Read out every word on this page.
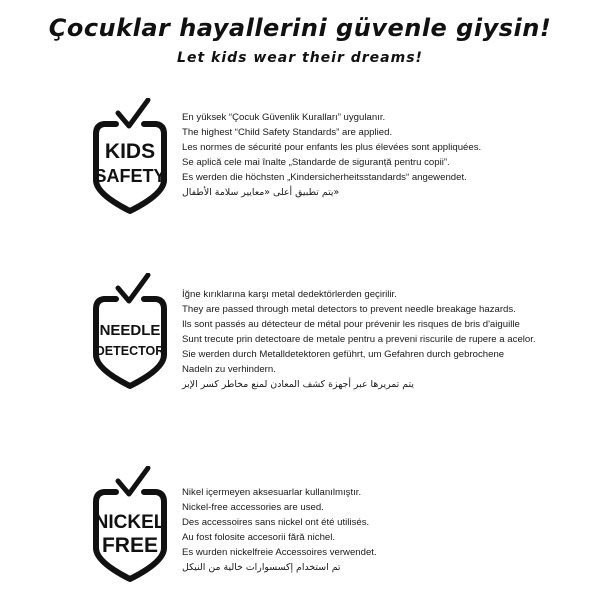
Çocuklar hayallerini güvenle giysin!
Let kids wear their dreams!
KIDS
SAFETY
En yüksek “Çocuk Güvenlik Kuralları” uygulanır.
The highest “Child Safety Standards” are applied.
Les normes de sécurité pour enfants les plus élevées sont appliquées.
Se aplică cele mai înalte „Standarde de siguranță pentru copii”.
Es werden die höchsten „Kindersicherheitsstandards“ angewendet.
«يتم تطبيق أعلى «معايير سلامة الأطفال
NEEDLE
DETECTOR
İğne kırıklarına karşı metal dedektörlerden geçirilir.
They are passed through metal detectors to prevent needle breakage hazards.
Ils sont passés au détecteur de métal pour prévenir les risques de bris d'aiguille
Sunt trecute prin detectoare de metale pentru a preveni riscurile de rupere a acelor.
Sie werden durch Metalldetektoren geführt, um Gefahren durch gebrochene Nadeln zu verhindern.
يتم تمريرها عبر أجهزة كشف المعادن لمنع مخاطر كسر الإبر
NICKEL
FREE
Nikel içermeyen aksesuarlar kullanılmıştır.
Nickel-free accessories are used.
Des accessoires sans nickel ont été utilisés.
Au fost folosite accesorii fără nichel.
Es wurden nickelfreie Accessoires verwendet.
تم استخدام إكسسوارات خالية من النيكل
